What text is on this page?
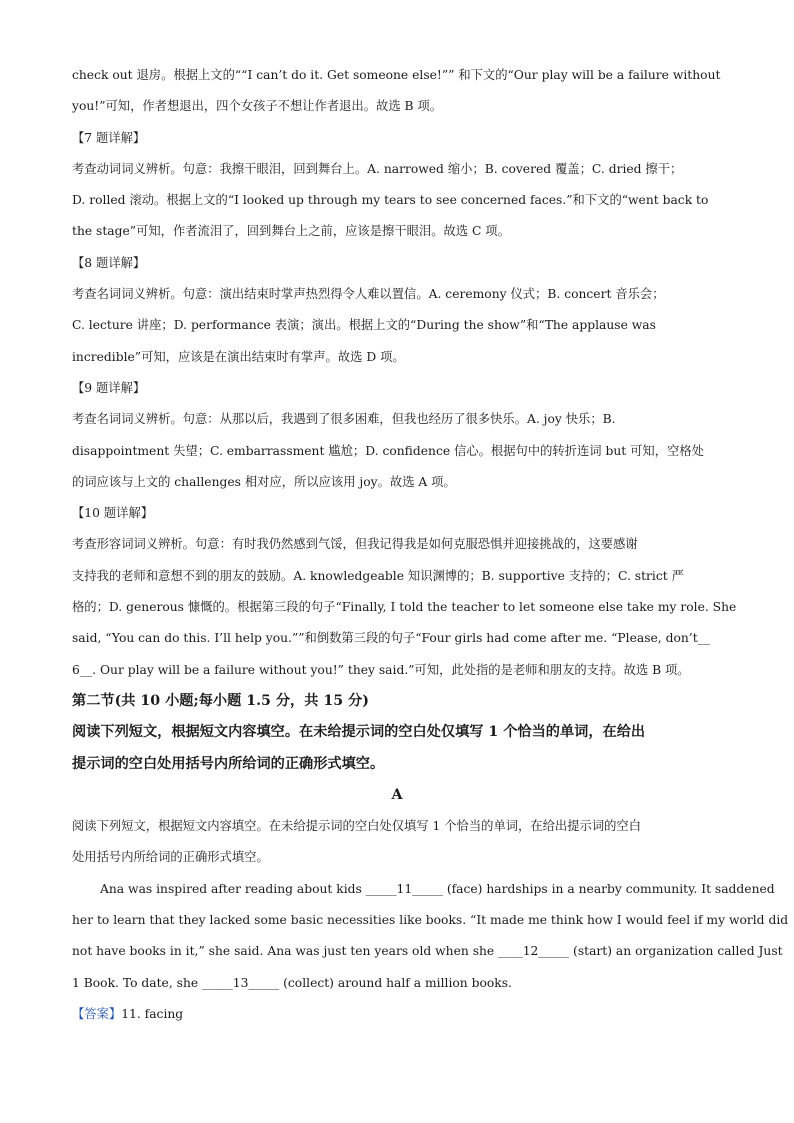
check out 退房。根据上文的““I can’t do it. Get someone else!”” 和下文的“Our play will be a failure without
you!”可知，作者想退出，四个女孩子不想让作者退出。故选 B 项。
【7 题详解】
考查动词词义辨析。句意：我擦干眼泪，回到舞台上。A. narrowed 缩小；B. covered 覆盖；C. dried 擦干；
D. rolled 滚动。根据上文的“I looked up through my tears to see concerned faces.”和下文的“went back to
the stage”可知，作者流泪了，回到舞台上之前，应该是擦干眼泪。故选 C 项。
【8 题详解】
考查名词词义辨析。句意：演出结束时掌声热烈得令人难以置信。A. ceremony 仪式；B. concert 音乐会；
C. lecture 讲座；D. performance 表演；演出。根据上文的“During the show”和“The applause was
incredible”可知，应该是在演出结束时有掌声。故选 D 项。
【9 题详解】
考查名词词义辨析。句意：从那以后，我遇到了很多困难，但我也经历了很多快乐。A. joy 快乐；B.
disappointment 失望；C. embarrassment 尴尬；D. confidence 信心。根据句中的转折连词 but 可知，空格处
的词应该与上文的 challenges 相对应，所以应该用 joy。故选 A 项。
【10 题详解】
考查形容词词义辨析。句意：有时我仍然感到气馁，但我记得我是如何克服恐惧并迎接挑战的，这要感谢
支持我的老师和意想不到的朋友的鼓励。A. knowledgeable 知识渊博的；B. supportive 支持的；C. strict 严
格的；D. generous 慷慨的。根据第三段的句子“Finally, I told the teacher to let someone else take my role. She
said, “You can do this. I’ll help you.””和倒数第三段的句子“Four girls had come after me. “Please, don’t__
6__. Our play will be a failure without you!” they said.”可知，此处指的是老师和朋友的支持。故选 B 项。
第二节(共 10 小题;每小题 1.5 分，共 15 分)
阅读下列短文，根据短文内容填空。在未给提示词的空白处仅填写 1 个恰当的单词，在给出
提示词的空白处用括号内所给词的正确形式填空。
A
阅读下列短文，根据短文内容填空。在未给提示词的空白处仅填写 1 个恰当的单词，在给出提示词的空白
处用括号内所给词的正确形式填空。
Ana was inspired after reading about kids _____11_____ (face) hardships in a nearby community. It saddened
her to learn that they lacked some basic necessities like books. “It made me think how I would feel if my world did
not have books in it,” she said. Ana was just ten years old when she ____12_____ (start) an organization called Just
1 Book. To date, she _____13_____ (collect) around half a million books.
【答案】11. facing
